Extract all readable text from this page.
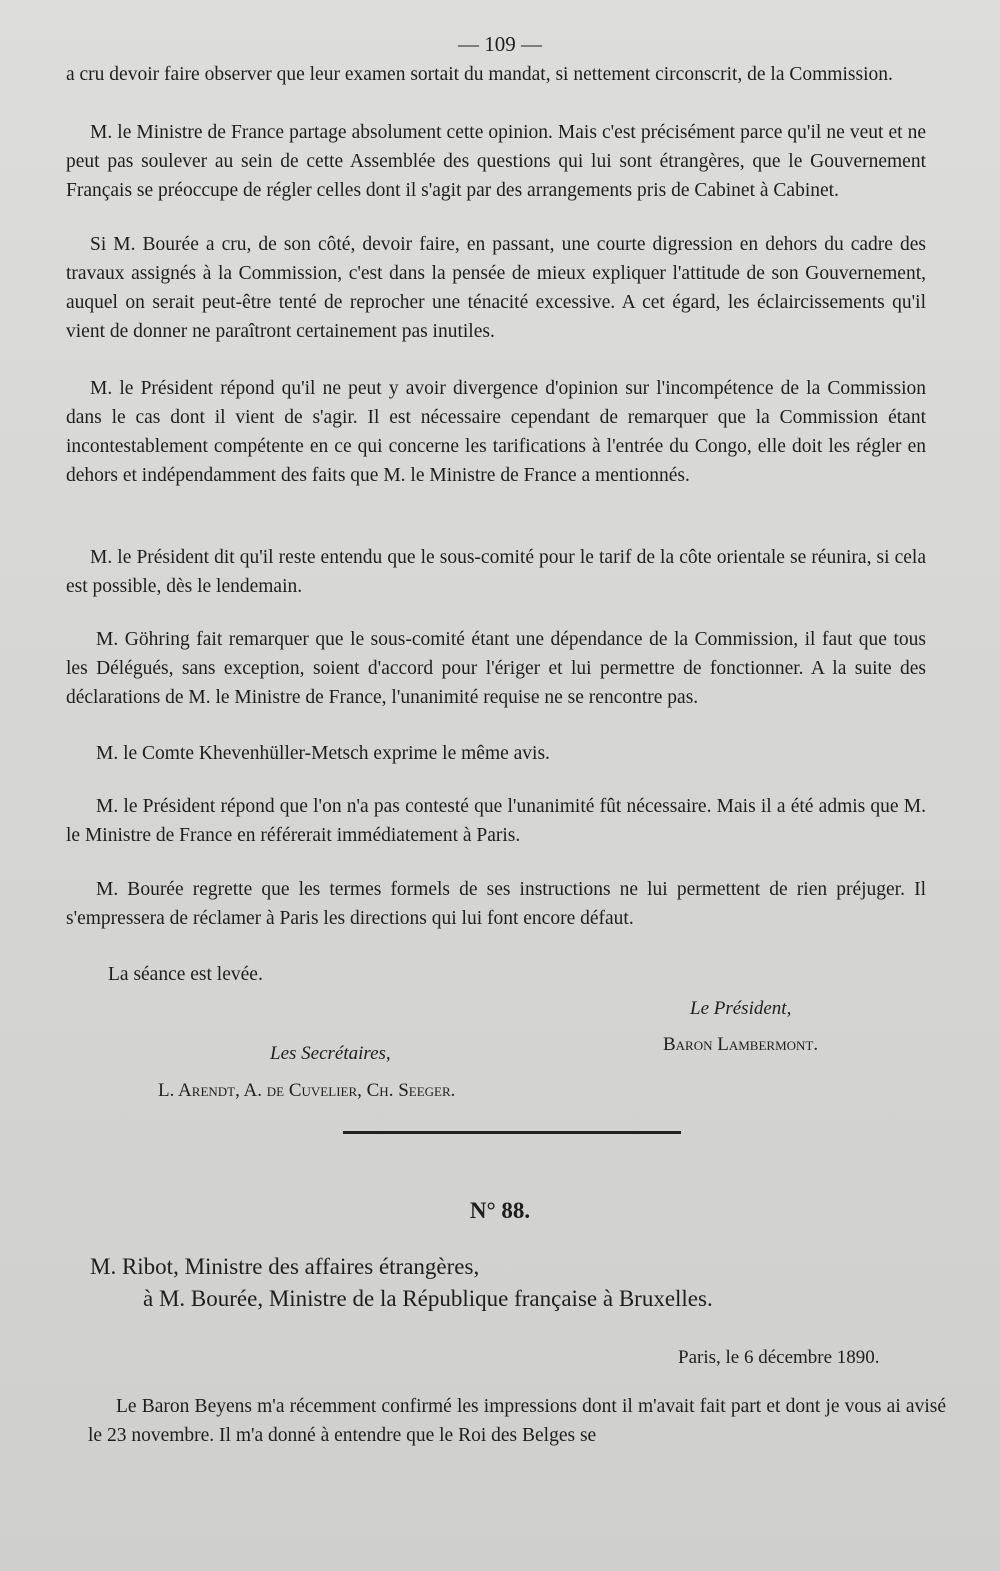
— 109 —
a cru devoir faire observer que leur examen sortait du mandat, si nettement circonscrit, de la Commission.
M. le Ministre de France partage absolument cette opinion. Mais c'est précisément parce qu'il ne veut et ne peut pas soulever au sein de cette Assemblée des questions qui lui sont étrangères, que le Gouvernement Français se préoccupe de régler celles dont il s'agit par des arrangements pris de Cabinet à Cabinet.
Si M. Bourée a cru, de son côté, devoir faire, en passant, une courte digression en dehors du cadre des travaux assignés à la Commission, c'est dans la pensée de mieux expliquer l'attitude de son Gouvernement, auquel on serait peut-être tenté de reprocher une ténacité excessive. A cet égard, les éclaircissements qu'il vient de donner ne paraîtront certainement pas inutiles.
M. le Président répond qu'il ne peut y avoir divergence d'opinion sur l'incompétence de la Commission dans le cas dont il vient de s'agir. Il est nécessaire cependant de remarquer que la Commission étant incontestablement compétente en ce qui concerne les tarifications à l'entrée du Congo, elle doit les régler en dehors et indépendamment des faits que M. le Ministre de France a mentionnés.
M. le Président dit qu'il reste entendu que le sous-comité pour le tarif de la côte orientale se réunira, si cela est possible, dès le lendemain.
M. Göhring fait remarquer que le sous-comité étant une dépendance de la Commission, il faut que tous les Délégués, sans exception, soient d'accord pour l'ériger et lui permettre de fonctionner. A la suite des déclarations de M. le Ministre de France, l'unanimité requise ne se rencontre pas.
M. le Comte Khevenhüller-Metsch exprime le même avis.
M. le Président répond que l'on n'a pas contesté que l'unanimité fût nécessaire. Mais il a été admis que M. le Ministre de France en référerait immédiatement à Paris.
M. Bourée regrette que les termes formels de ses instructions ne lui permettent de rien préjuger. Il s'empressera de réclamer à Paris les directions qui lui font encore défaut.
La séance est levée.
Le Président,
Baron Lambermont.
Les Secrétaires,
L. Arendt, A. de Cuvelier, Ch. Seeger.
N° 88.
M. Ribot, Ministre des affaires étrangères,
à M. Bourée, Ministre de la République française à Bruxelles.
Paris, le 6 décembre 1890.
Le Baron Beyens m'a récemment confirmé les impressions dont il m'avait fait part et dont je vous ai avisé le 23 novembre. Il m'a donné à entendre que le Roi des Belges se
